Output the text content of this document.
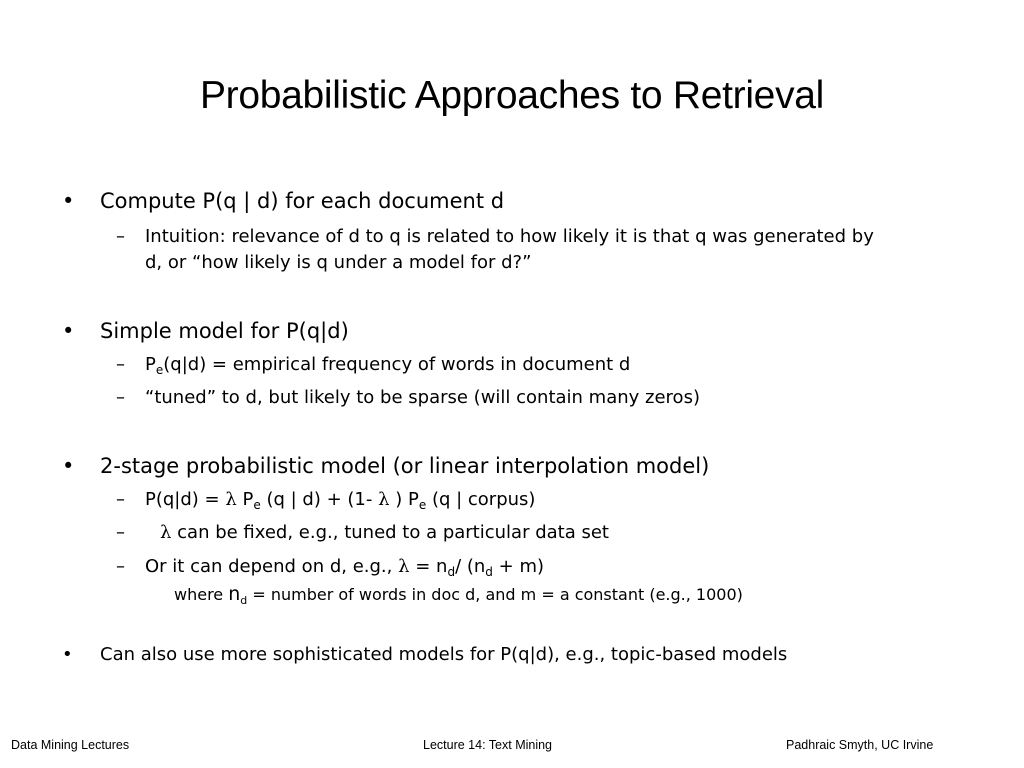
Probabilistic Approaches to Retrieval
• Compute P(q | d) for each document d
– Intuition: relevance of d to q is related to how likely it is that q was generated by
d, or “how likely is q under a model for d?”
• Simple model for P(q|d)
– $P_e(q|d)$ = empirical frequency of words in document d
– “tuned” to d, but likely to be sparse (will contain many zeros)
• 2-stage probabilistic model (or linear interpolation model)
– P(q|d) = λ $P_e$ (q | d) + (1- λ ) $P_e$ (q | corpus)
– λ can be fixed, e.g., tuned to a particular data set
– Or it can depend on d, e.g., $\lambda = n_d/$ $(n_d + m)$
where $n_d$ = number of words in doc d, and m = a constant (e.g., 1000)
• Can also use more sophisticated models for P(q|d), e.g., topic-based models
Data Mining Lectures	Lecture 14: Text Mining	Padhraic Smyth, UC Irvine
